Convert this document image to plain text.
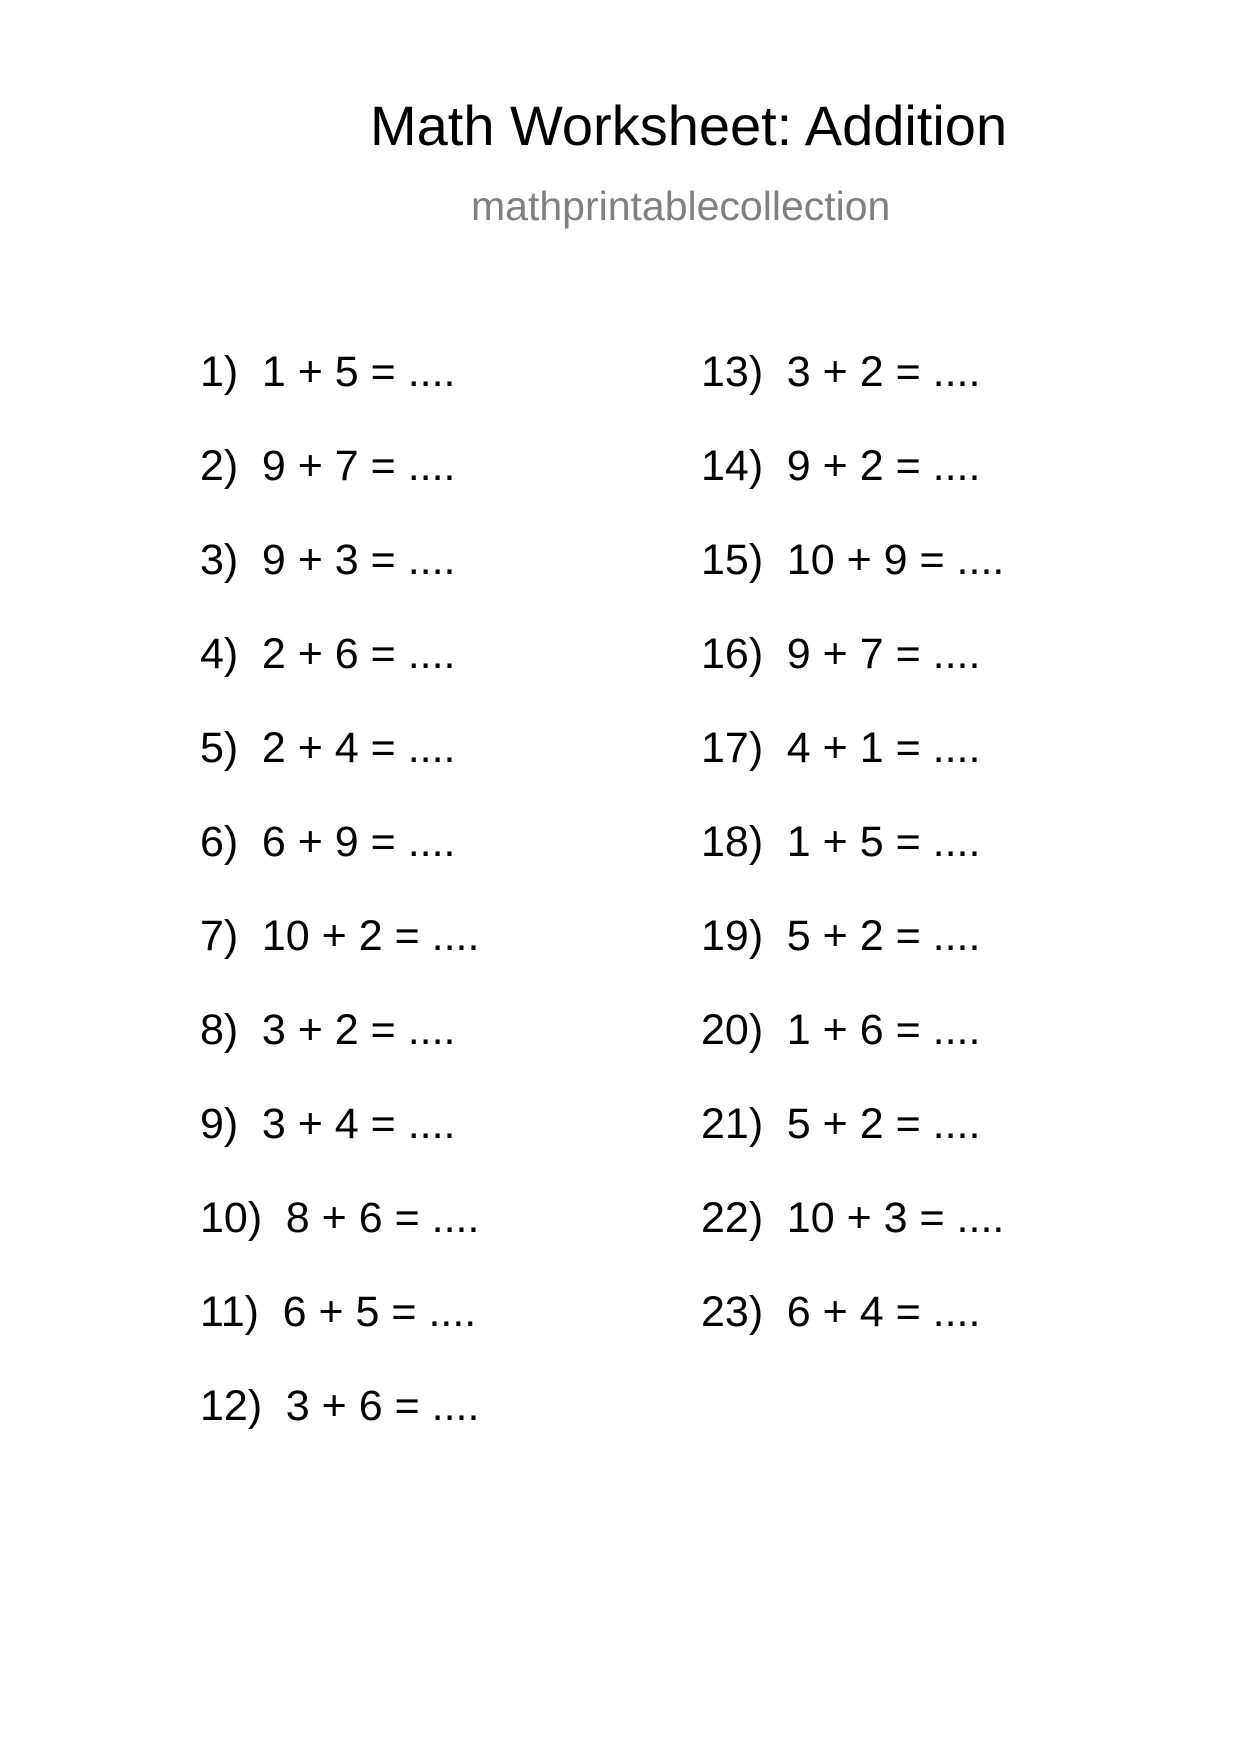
Math Worksheet: Addition
mathprintablecollection
1) 1 + 5 = ....
2) 9 + 7 = ....
3) 9 + 3 = ....
4) 2 + 6 = ....
5) 2 + 4 = ....
6) 6 + 9 = ....
7) 10 + 2 = ....
8) 3 + 2 = ....
9) 3 + 4 = ....
10) 8 + 6 = ....
11) 6 + 5 = ....
12) 3 + 6 = ....
13) 3 + 2 = ....
14) 9 + 2 = ....
15) 10 + 9 = ....
16) 9 + 7 = ....
17) 4 + 1 = ....
18) 1 + 5 = ....
19) 5 + 2 = ....
20) 1 + 6 = ....
21) 5 + 2 = ....
22) 10 + 3 = ....
23) 6 + 4 = ....
